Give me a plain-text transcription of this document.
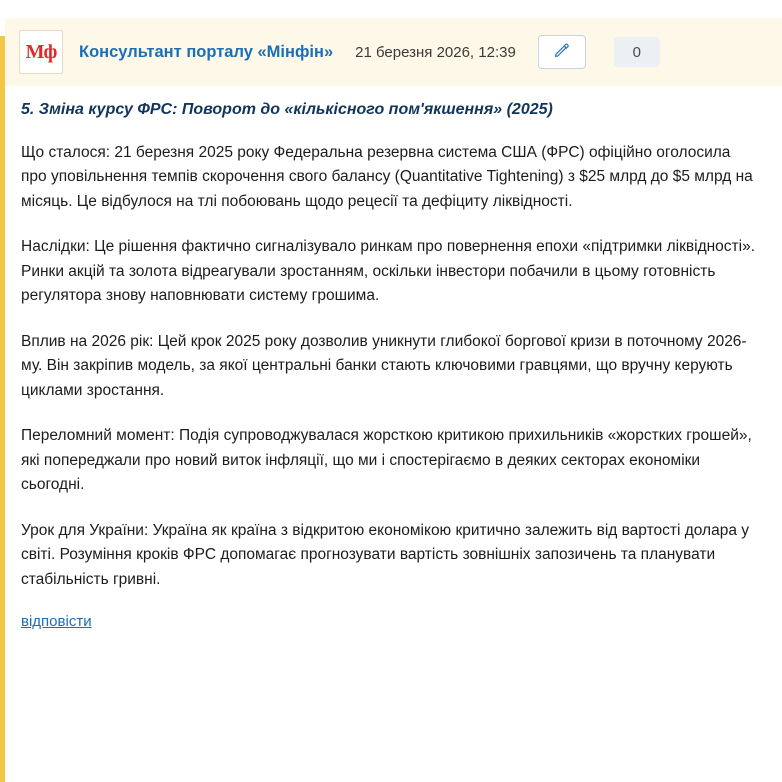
Мф Консультант порталу «Мінфін» 21 березня 2026, 12:39	0
5. Зміна курсу ФРС: Поворот до «кількісного пом'якшення» (2025)

Що сталося: 21 березня 2025 року Федеральна резервна система США (ФРС) офіційно оголосила про уповільнення темпів скорочення свого балансу (Quantitative Tightening) з $25 млрд до $5 млрд на місяць. Це відбулося на тлі побоювань щодо рецесії та дефіциту ліквідності.

Наслідки: Це рішення фактично сигналізувало ринкам про повернення епохи «підтримки ліквідності». Ринки акцій та золота відреагували зростанням, оскільки інвестори побачили в цьому готовність регулятора знову наповнювати систему грошима.

Вплив на 2026 рік: Цей крок 2025 року дозволив уникнути глибокої боргової кризи в поточному 2026-му. Він закріпив модель, за якої центральні банки стають ключовими гравцями, що вручну керують циклами зростання.

Переломний момент: Подія супроводжувалася жорсткою критикою прихильників «жорстких грошей», які попереджали про новий виток інфляції, що ми і спостерігаємо в деяких секторах економіки сьогодні.

Урок для України: Україна як країна з відкритою економікою критично залежить від вартості долара у світі. Розуміння кроків ФРС допомагає прогнозувати вартість зовнішніх запозичень та планувати стабільність гривні.

відповісти
